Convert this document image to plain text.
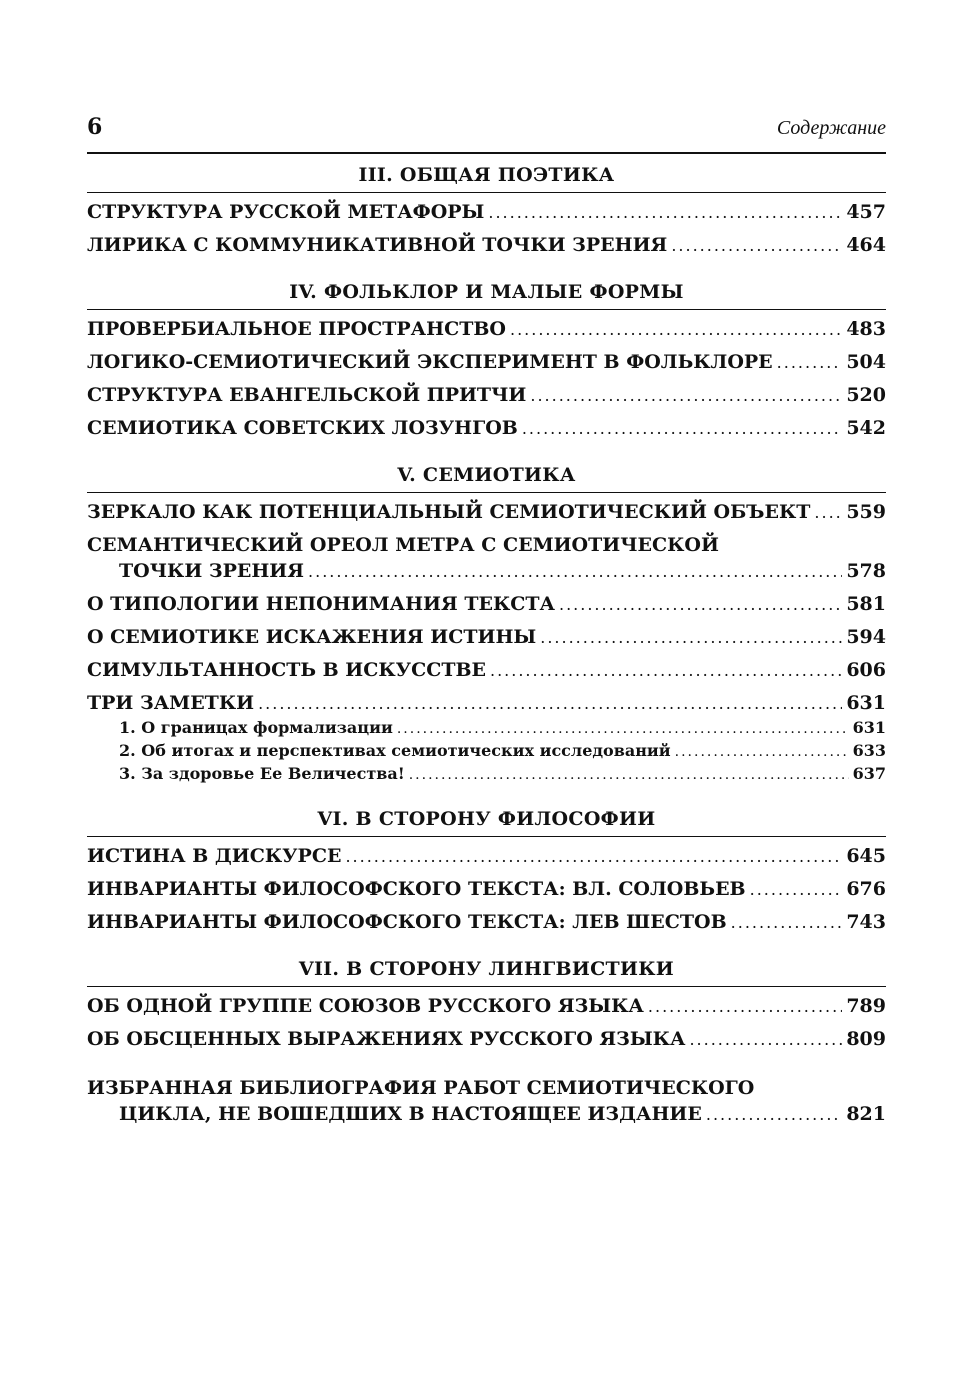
6	Содержание
III. ОБЩАЯ ПОЭТИКА
СТРУКТУРА РУССКОЙ МЕТАФОРЫ .....	457
ЛИРИКА С КОММУНИКАТИВНОЙ ТОЧКИ ЗРЕНИЯ .....	464
IV. ФОЛЬКЛОР И МАЛЫЕ ФОРМЫ
ПРОВЕРБИАЛЬНОЕ ПРОСТРАНСТВО .....	483
ЛОГИКО-СЕМИОТИЧЕСКИЙ ЭКСПЕРИМЕНТ В ФОЛЬКЛОРЕ .....	504
СТРУКТУРА ЕВАНГЕЛЬСКОЙ ПРИТЧИ .....	520
СЕМИОТИКА СОВЕТСКИХ ЛОЗУНГОВ .....	542
V. СЕМИОТИКА
ЗЕРКАЛО КАК ПОТЕНЦИАЛЬНЫЙ СЕМИОТИЧЕСКИЙ ОБЪЕКТ ..... 559
СЕМАНТИЧЕСКИЙ ОРЕОЛ МЕТРА С СЕМИОТИЧЕСКОЙ
ТОЧКИ ЗРЕНИЯ .....	578
О ТИПОЛОГИИ НЕПОНИМАНИЯ ТЕКСТА .....	581
О СЕМИОТИКЕ ИСКАЖЕНИЯ ИСТИНЫ .....	594
СИМУЛЬТАННОСТЬ В ИСКУССТВЕ .....	606
ТРИ ЗАМЕТКИ .....	631
1. О границах формализации .....	631
2. Об итогах и перспективах семиотических исследований .....	633
3. За здоровье Ее Величества! .....	637
VI. В СТОРОНУ ФИЛОСОФИИ
ИСТИНА В ДИСКУРСЕ .....	645
ИНВАРИАНТЫ ФИЛОСОФСКОГО ТЕКСТА: ВЛ. СОЛОВЬЕВ .....	676
ИНВАРИАНТЫ ФИЛОСОФСКОГО ТЕКСТА: ЛЕВ ШЕСТОВ .....	743
VII. В СТОРОНУ ЛИНГВИСТИКИ
ОБ ОДНОЙ ГРУППЕ СОЮЗОВ РУССКОГО ЯЗЫКА .....	789
ОБ ОБСЦЕННЫХ ВЫРАЖЕНИЯХ РУССКОГО ЯЗЫКА .....	809
ИЗБРАННАЯ БИБЛИОГРАФИЯ РАБОТ СЕМИОТИЧЕСКОГО
ЦИКЛА, НЕ ВОШЕДШИХ В НАСТОЯЩЕЕ ИЗДАНИЕ .....	821
